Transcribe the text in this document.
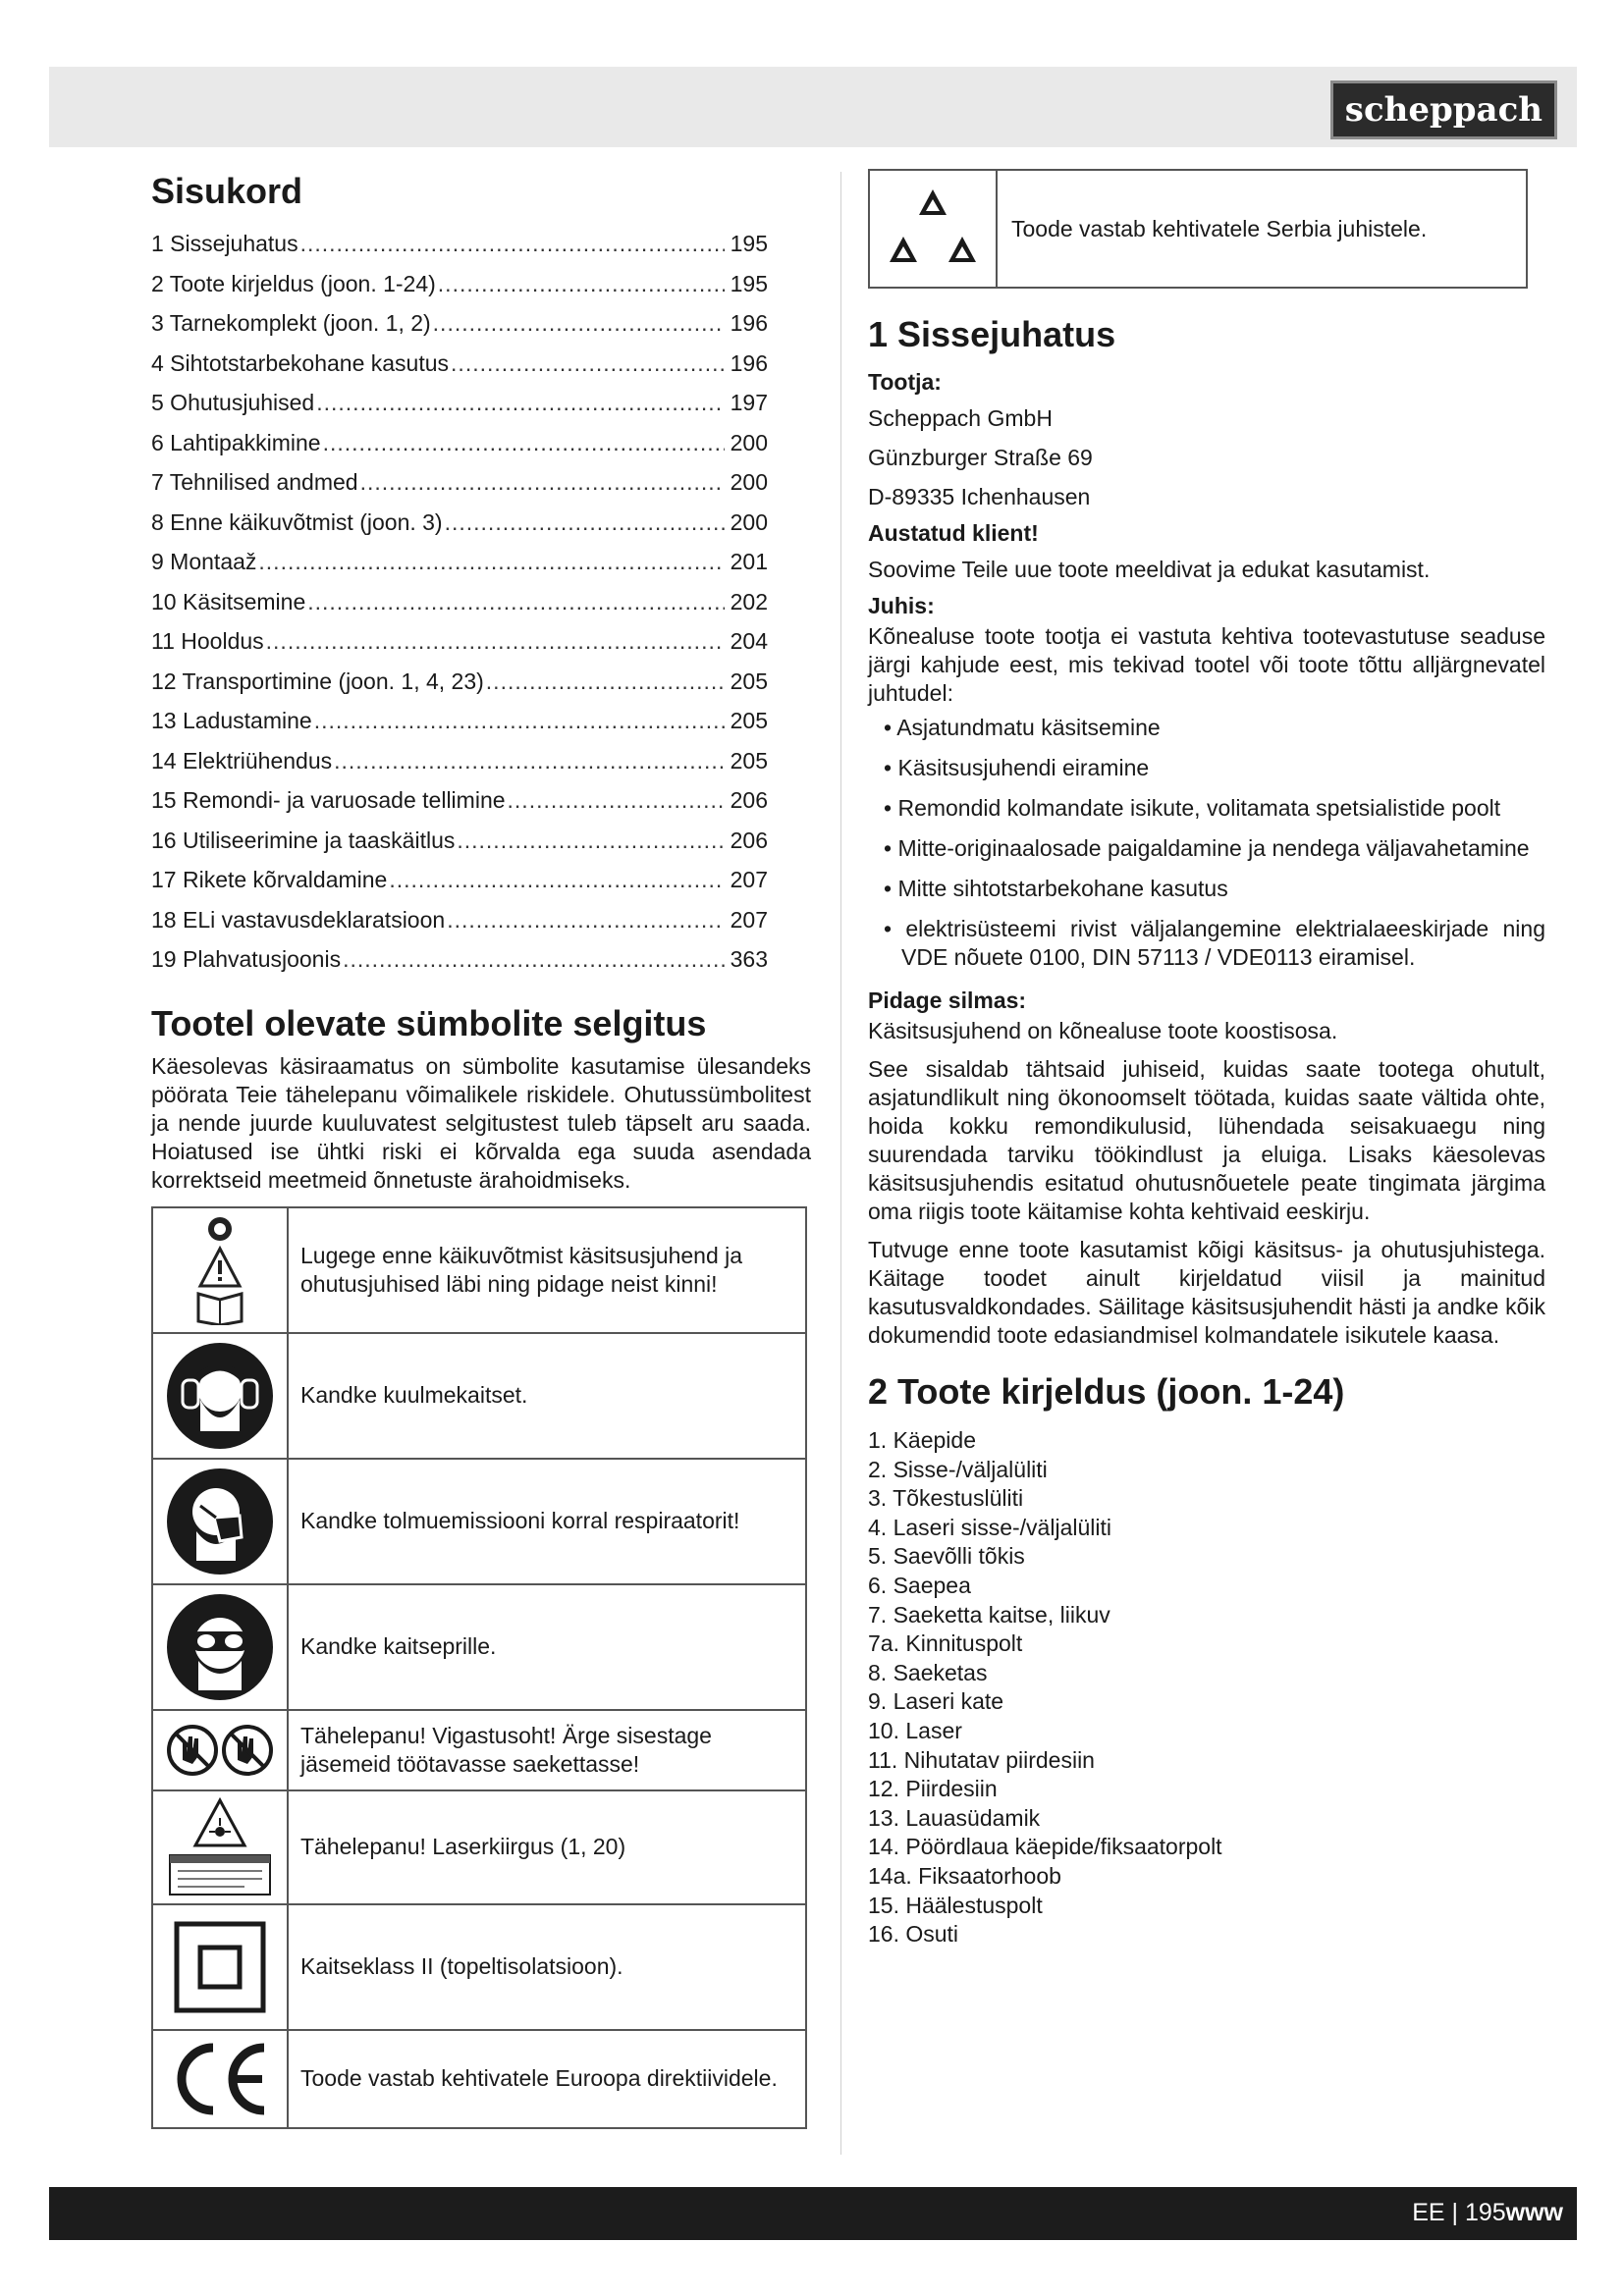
scheppach
Sisukord
1 Sissejuhatus .....	195
2 Toote kirjeldus (joon. 1-24) .....	195
3 Tarnekomplekt (joon. 1, 2) .....	196
4 Sihtotstarbekohane kasutus .....	196
5 Ohutusjuhised .....	197
6 Lahtipakkimine .....	200
7 Tehnilised andmed .....	200
8 Enne käikuvõtmist (joon. 3) .....	200
9 Montaaž .....	201
10 Käsitsemine .....	202
11 Hooldus .....	204
12 Transportimine (joon. 1, 4, 23) .....	205
13 Ladustamine .....	205
14 Elektriühendus .....	205
15 Remondi- ja varuosade tellimine .....	206
16 Utiliseerimine ja taaskäitlus .....	206
17 Rikete kõrvaldamine .....	207
18 ELi vastavusdeklaratsioon .....	207
19 Plahvatusjoonis .....	363
Tootel olevate sümbolite selgitus

Käesolevas käsiraamatus on sümbolite kasutamise ülesandeks pöörata Teie tähelepanu võimalikele riskidele. Ohutussümbolitest ja nende juurde kuuluvatest selgitustest tuleb täpselt aru saada. Hoiatused ise ühtki riski ei kõrvalda ega suuda asendada korrektseid meetmeid õnnetuste ärahoidmiseks.

	Lugege enne käikuvõtmist käsitsusjuhend ja ohutusjuhised läbi ning pidage neist kinni!

	Kandke kuulmekaitset.

	Kandke tolmuemissiooni korral respiraatorit!

	Kandke kaitseprille.

	Tähelepanu! Vigastusoht! Ärge sisestage jäsemeid töötavasse saekettasse!

	Tähelepanu! Laserkiirgus (1, 20)

	Kaitseklass II (topeltisolatsioon).

	Toode vastab kehtivatele Euroopa direktiividele.
Toode vastab kehtivatele Serbia juhistele.
1 Sissejuhatus

Tootja:

Scheppach GmbH

Günzburger Straße 69

D-89335 Ichenhausen

Austatud klient!

Soovime Teile uue toote meeldivat ja edukat kasutamist.

Juhis:

Kõnealuse toote tootja ei vastuta kehtiva tootevastutuse seaduse järgi kahjude eest, mis tekivad tootel või toote tõttu alljärgnevatel juhtudel:

• Asjatundmatu käsitsemine
• Käsitsusjuhendi eiramine
• Remondid kolmandate isikute, volitamata spetsialistide poolt
• Mitte-originaalosade paigaldamine ja nendega väljavahetamine
• Mitte sihtotstarbekohane kasutus
• elektrisüsteemi rivist väljalangemine elektrialaeeskirjade ning VDE nõuete 0100, DIN 57113 / VDE0113 eiramisel.

Pidage silmas:

Käsitsusjuhend on kõnealuse toote koostisosa.

See sisaldab tähtsaid juhiseid, kuidas saate tootega ohutult, asjatundlikult ning ökonoomselt töötada, kuidas saate vältida ohte, hoida kokku remondikulusid, lühendada seisakuaegu ning suurendada tarviku töökindlust ja eluiga. Lisaks käesolevas käsitsusjuhendis esitatud ohutusnõuetele peate tingimata järgima oma riigis toote käitamise kohta kehtivaid eeskirju.

Tutvuge enne toote kasutamist kõigi käsitsus- ja ohutusjuhistega. Käitage toodet ainult kirjeldatud viisil ja mainitud kasutusvaldkondades. Säilitage käsitsusjuhendit hästi ja andke kõik dokumendid toote edasiandmisel kolmandatele isikutele kaasa.

2 Toote kirjeldus (joon. 1-24)
1. Käepide
2. Sisse-/väljalüliti
3. Tõkestuslüliti
4. Laseri sisse-/väljalüliti
5. Saevõlli tõkis
6. Saepea
7. Saeketta kaitse, liikuv
7a. Kinnituspolt
8. Saeketas
9. Laseri kate
10. Laser
11. Nihutatav piirdesiin
12. Piirdesiin
13. Lauasüdamik
14. Pöördlaua käepide/fiksaatorpolt
14a. Fiksaatorhoob
15. Häälestuspolt
16. Osuti
EE | 195www
